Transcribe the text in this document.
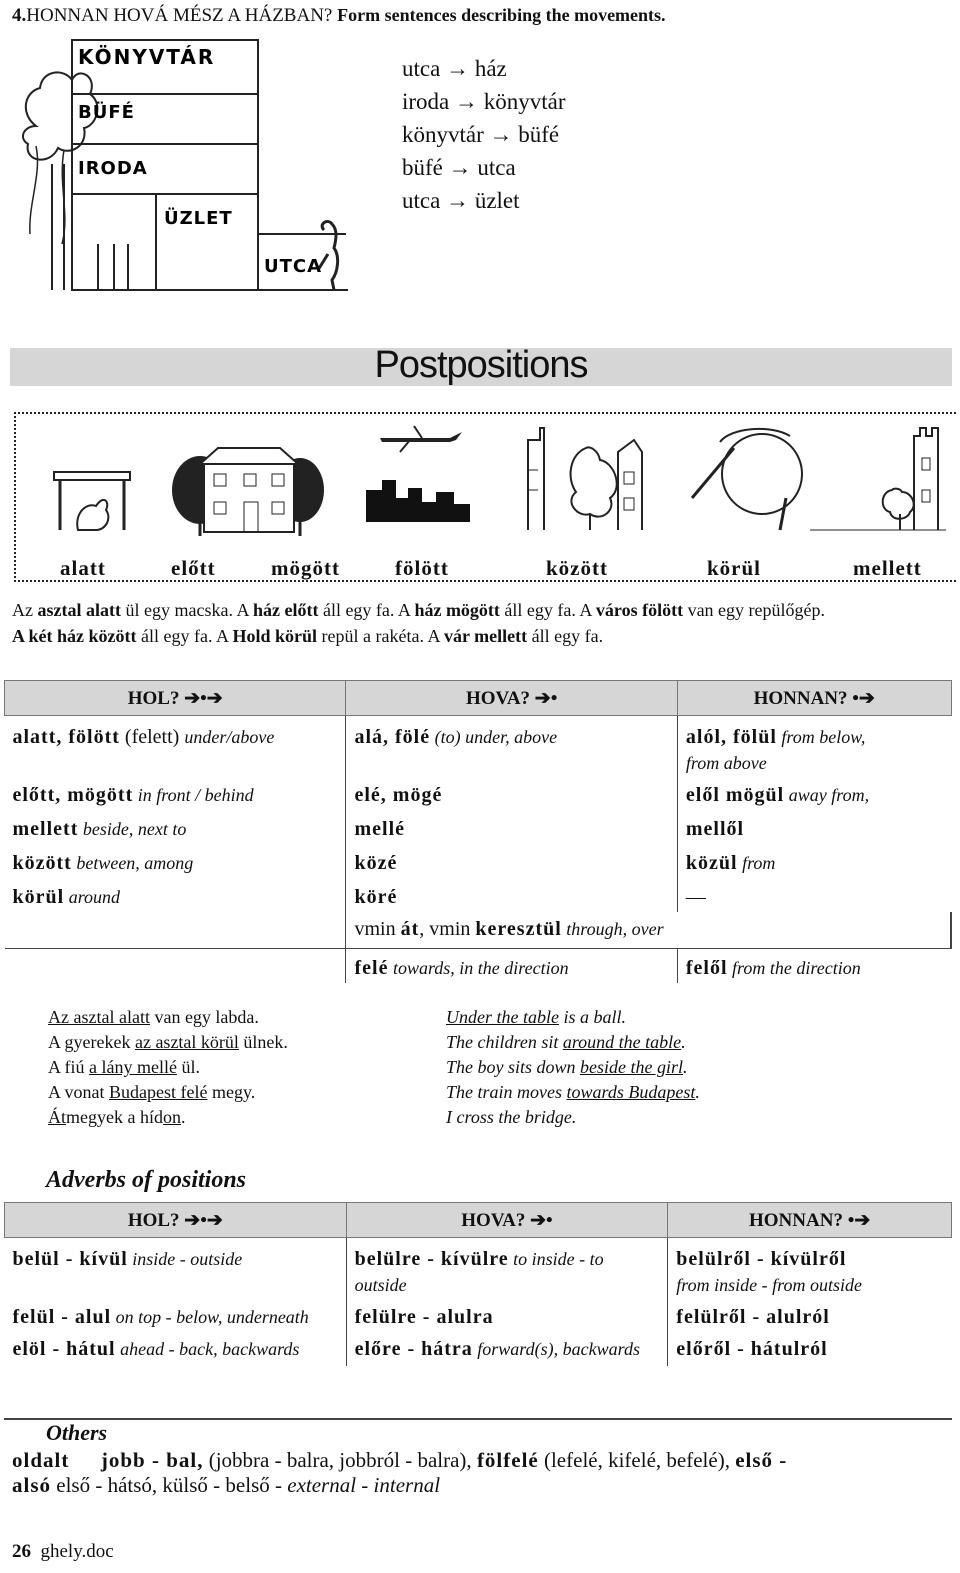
4.HONNAN HOVÁ MÉSZ A HÁZBAN? Form sentences describing the movements.
KÖNYVTÁR
BÜFÉ
IRODA
ÜZLET
UTCA
utca → ház
iroda → könyvtár
könyvtár → büfé
büfé → utca
utca → üzlet
Postpositions
alatt	előtt	mögött	fölött	között	körül	mellett
Az asztal alatt ül egy macska. A ház előtt áll egy fa. A ház mögött áll egy fa. A város fölött van egy repülőgép.
A két ház között áll egy fa. A Hold körül repül a rakéta. A vár mellett áll egy fa.
HOL? ➔•➔	HOVA? ➔•	HONNAN? •➔
alatt, fölött (felett) under/above	alá, fölé (to) under, above	alól, fölül from below,
from above
előtt, mögött in front / behind	elé, mögé	elől mögül away from,
mellett beside, next to	mellé	mellől
között between, among	közé	közül from
körül around	köré	—
	vmin át, vmin keresztül through, over	
	felé towards, in the direction	felől from the direction
Az asztal alatt van egy labda.
A gyerekek az asztal körül ülnek.
A fiú a lány mellé ül.
A vonat Budapest felé megy.
Átmegyek a hídon.
Under the table is a ball.
The children sit around the table.
The boy sits down beside the girl.
The train moves towards Budapest.
I cross the bridge.
Adverbs of positions
HOL? ➔•➔	HOVA? ➔•	HONNAN? •➔
belül - kívül inside - outside	belülre - kívülre to inside - to outside	belülről - kívülről
from inside - from outside
felül - alul on top - below, underneath	felülre - alulra	felülről - alulról
elöl - hátul ahead - back, backwards	előre - hátra forward(s), backwards	előről - hátulról
Others
oldalt jobb - bal, (jobbra - balra, jobbról - balra), fölfelé (lefelé, kifelé, befelé), első -
alsó első - hátsó, külső - belső - external - internal
26 ghely.doc
